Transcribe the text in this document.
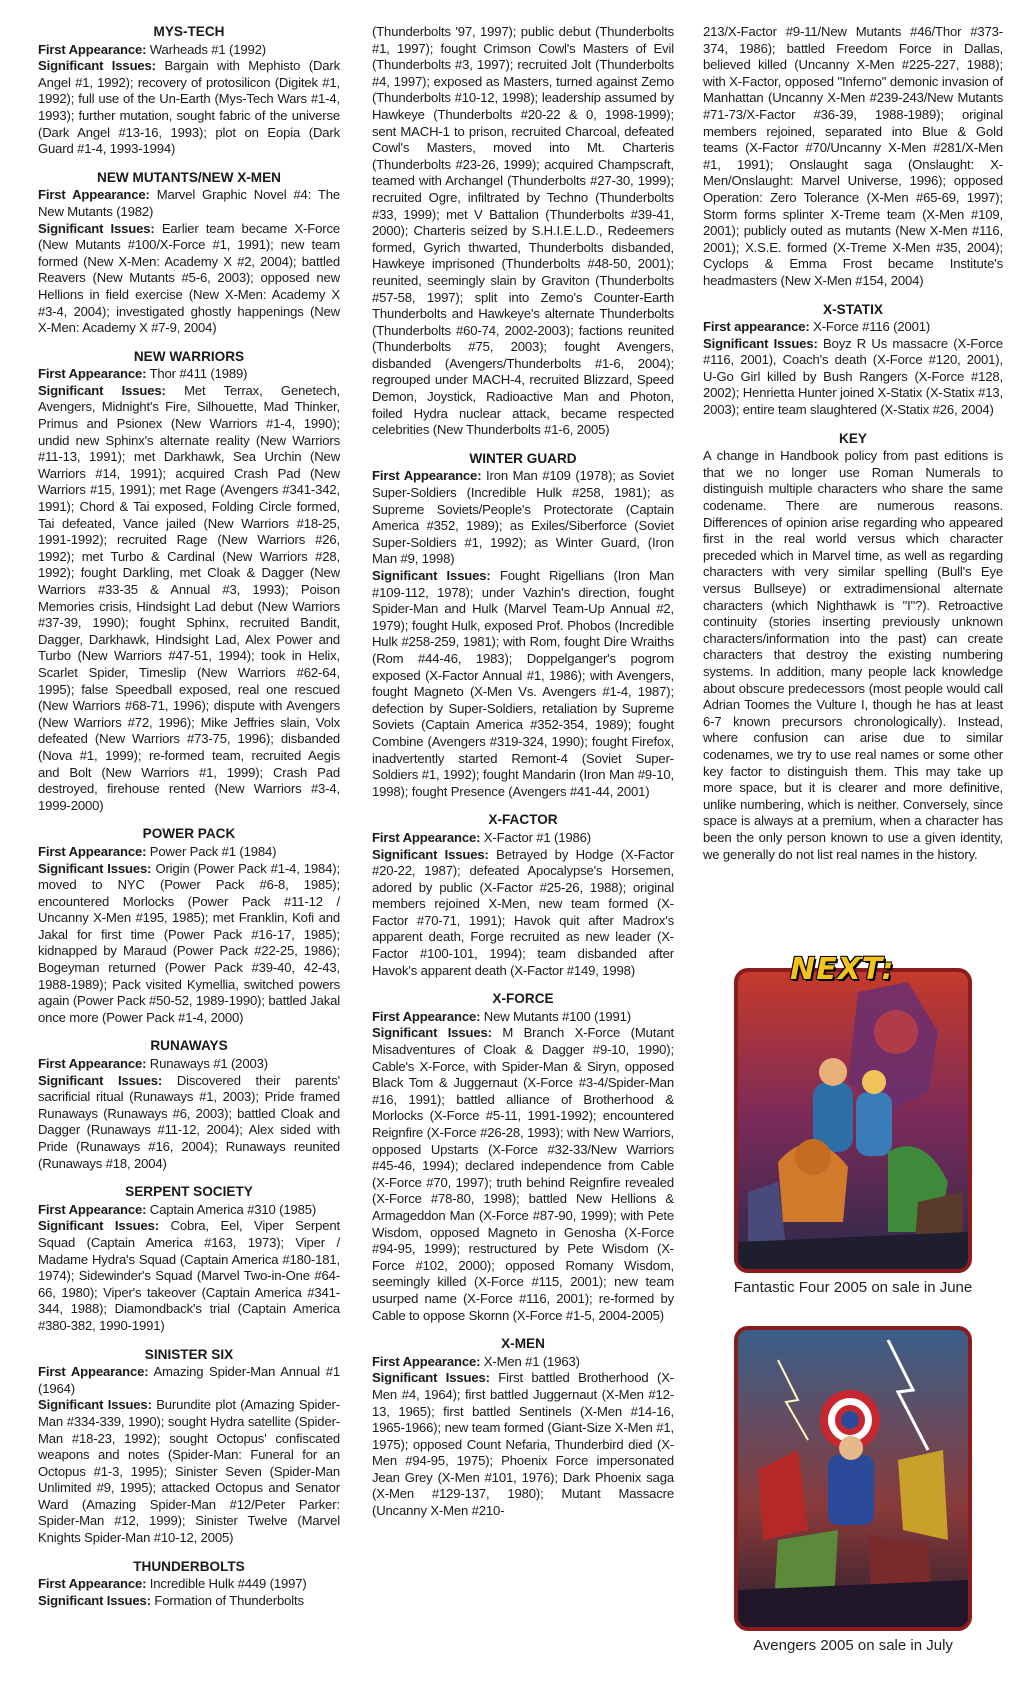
MYS-TECH

First Appearance: Warheads #1 (1992)

Significant Issues: Bargain with Mephisto (Dark Angel #1, 1992); recovery of protosilicon (Digitek #1, 1992); full use of the Un-Earth (Mys-Tech Wars #1-4, 1993); further mutation, sought fabric of the universe (Dark Angel #13-16, 1993); plot on Eopia (Dark Guard #1-4, 1993-1994)

NEW MUTANTS/NEW X-MEN

First Appearance: Marvel Graphic Novel #4: The New Mutants (1982)

Significant Issues: Earlier team became X-Force (New Mutants #100/X-Force #1, 1991); new team formed (New X-Men: Academy X #2, 2004); battled Reavers (New Mutants #5-6, 2003); opposed new Hellions in field exercise (New X-Men: Academy X #3-4, 2004); investigated ghostly happenings (New X-Men: Academy X #7-9, 2004)

NEW WARRIORS

First Appearance: Thor #411 (1989)

Significant Issues: Met Terrax, Genetech, Avengers, Midnight's Fire, Silhouette, Mad Thinker, Primus and Psionex (New Warriors #1-4, 1990); undid new Sphinx's alternate reality (New Warriors #11-13, 1991); met Darkhawk, Sea Urchin (New Warriors #14, 1991); acquired Crash Pad (New Warriors #15, 1991); met Rage (Avengers #341-342, 1991); Chord & Tai exposed, Folding Circle formed, Tai defeated, Vance jailed (New Warriors #18-25, 1991-1992); recruited Rage (New Warriors #26, 1992); met Turbo & Cardinal (New Warriors #28, 1992); fought Darkling, met Cloak & Dagger (New Warriors #33-35 & Annual #3, 1993); Poison Memories crisis, Hindsight Lad debut (New Warriors #37-39, 1990); fought Sphinx, recruited Bandit, Dagger, Darkhawk, Hindsight Lad, Alex Power and Turbo (New Warriors #47-51, 1994); took in Helix, Scarlet Spider, Timeslip (New Warriors #62-64, 1995); false Speedball exposed, real one rescued (New Warriors #68-71, 1996); dispute with Avengers (New Warriors #72, 1996); Mike Jeffries slain, Volx defeated (New Warriors #73-75, 1996); disbanded (Nova #1, 1999); re-formed team, recruited Aegis and Bolt (New Warriors #1, 1999); Crash Pad destroyed, firehouse rented (New Warriors #3-4, 1999-2000)

POWER PACK

First Appearance: Power Pack #1 (1984)

Significant Issues: Origin (Power Pack #1-4, 1984); moved to NYC (Power Pack #6-8, 1985); encountered Morlocks (Power Pack #11-12 / Uncanny X-Men #195, 1985); met Franklin, Kofi and Jakal for first time (Power Pack #16-17, 1985); kidnapped by Maraud (Power Pack #22-25, 1986); Bogeyman returned (Power Pack #39-40, 42-43, 1988-1989); Pack visited Kymellia, switched powers again (Power Pack #50-52, 1989-1990); battled Jakal once more (Power Pack #1-4, 2000)

RUNAWAYS

First Appearance: Runaways #1 (2003)

Significant Issues: Discovered their parents' sacrificial ritual (Runaways #1, 2003); Pride framed Runaways (Runaways #6, 2003); battled Cloak and Dagger (Runaways #11-12, 2004); Alex sided with Pride (Runaways #16, 2004); Runaways reunited (Runaways #18, 2004)

SERPENT SOCIETY

First Appearance: Captain America #310 (1985)

Significant Issues: Cobra, Eel, Viper Serpent Squad (Captain America #163, 1973); Viper / Madame Hydra's Squad (Captain America #180-181, 1974); Sidewinder's Squad (Marvel Two-in-One #64-66, 1980); Viper's takeover (Captain America #341-344, 1988); Diamondback's trial (Captain America #380-382, 1990-1991)

SINISTER SIX

First Appearance: Amazing Spider-Man Annual #1 (1964)

Significant Issues: Burundite plot (Amazing Spider-Man #334-339, 1990); sought Hydra satellite (Spider-Man #18-23, 1992); sought Octopus' confiscated weapons and notes (Spider-Man: Funeral for an Octopus #1-3, 1995); Sinister Seven (Spider-Man Unlimited #9, 1995); attacked Octopus and Senator Ward (Amazing Spider-Man #12/Peter Parker: Spider-Man #12, 1999); Sinister Twelve (Marvel Knights Spider-Man #10-12, 2005)

THUNDERBOLTS

First Appearance: Incredible Hulk #449 (1997)

Significant Issues: Formation of Thunderbolts

(Thunderbolts '97, 1997); public debut (Thunderbolts #1, 1997); fought Crimson Cowl's Masters of Evil (Thunderbolts #3, 1997); recruited Jolt (Thunderbolts #4, 1997); exposed as Masters, turned against Zemo (Thunderbolts #10-12, 1998); leadership assumed by Hawkeye (Thunderbolts #20-22 & 0, 1998-1999); sent MACH-1 to prison, recruited Charcoal, defeated Cowl's Masters, moved into Mt. Charteris (Thunderbolts #23-26, 1999); acquired Champscraft, teamed with Archangel (Thunderbolts #27-30, 1999); recruited Ogre, infiltrated by Techno (Thunderbolts #33, 1999); met V Battalion (Thunderbolts #39-41, 2000); Charteris seized by S.H.I.E.L.D., Redeemers formed, Gyrich thwarted, Thunderbolts disbanded, Hawkeye imprisoned (Thunderbolts #48-50, 2001); reunited, seemingly slain by Graviton (Thunderbolts #57-58, 1997); split into Zemo's Counter-Earth Thunderbolts and Hawkeye's alternate Thunderbolts (Thunderbolts #60-74, 2002-2003); factions reunited (Thunderbolts #75, 2003); fought Avengers, disbanded (Avengers/Thunderbolts #1-6, 2004); regrouped under MACH-4, recruited Blizzard, Speed Demon, Joystick, Radioactive Man and Photon, foiled Hydra nuclear attack, became respected celebrities (New Thunderbolts #1-6, 2005)

WINTER GUARD

First Appearance: Iron Man #109 (1978); as Soviet Super-Soldiers (Incredible Hulk #258, 1981); as Supreme Soviets/People's Protectorate (Captain America #352, 1989); as Exiles/Siberforce (Soviet Super-Soldiers #1, 1992); as Winter Guard, (Iron Man #9, 1998)

Significant Issues: Fought Rigellians (Iron Man #109-112, 1978); under Vazhin's direction, fought Spider-Man and Hulk (Marvel Team-Up Annual #2, 1979); fought Hulk, exposed Prof. Phobos (Incredible Hulk #258-259, 1981); with Rom, fought Dire Wraiths (Rom #44-46, 1983); Doppelganger's pogrom exposed (X-Factor Annual #1, 1986); with Avengers, fought Magneto (X-Men Vs. Avengers #1-4, 1987); defection by Super-Soldiers, retaliation by Supreme Soviets (Captain America #352-354, 1989); fought Combine (Avengers #319-324, 1990); fought Firefox, inadvertently started Remont-4 (Soviet Super-Soldiers #1, 1992); fought Mandarin (Iron Man #9-10, 1998); fought Presence (Avengers #41-44, 2001)

X-FACTOR

First Appearance: X-Factor #1 (1986)

Significant Issues: Betrayed by Hodge (X-Factor #20-22, 1987); defeated Apocalypse's Horsemen, adored by public (X-Factor #25-26, 1988); original members rejoined X-Men, new team formed (X-Factor #70-71, 1991); Havok quit after Madrox's apparent death, Forge recruited as new leader (X-Factor #100-101, 1994); team disbanded after Havok's apparent death (X-Factor #149, 1998)

X-FORCE

First Appearance: New Mutants #100 (1991)

Significant Issues: M Branch X-Force (Mutant Misadventures of Cloak & Dagger #9-10, 1990); Cable's X-Force, with Spider-Man & Siryn, opposed Black Tom & Juggernaut (X-Force #3-4/Spider-Man #16, 1991); battled alliance of Brotherhood & Morlocks (X-Force #5-11, 1991-1992); encountered Reignfire (X-Force #26-28, 1993); with New Warriors, opposed Upstarts (X-Force #32-33/New Warriors #45-46, 1994); declared independence from Cable (X-Force #70, 1997); truth behind Reignfire revealed (X-Force #78-80, 1998); battled New Hellions & Armageddon Man (X-Force #87-90, 1999); with Pete Wisdom, opposed Magneto in Genosha (X-Force #94-95, 1999); restructured by Pete Wisdom (X-Force #102, 2000); opposed Romany Wisdom, seemingly killed (X-Force #115, 2001); new team usurped name (X-Force #116, 2001); re-formed by Cable to oppose Skornn (X-Force #1-5, 2004-2005)

X-MEN

First Appearance: X-Men #1 (1963)

Significant Issues: First battled Brotherhood (X-Men #4, 1964); first battled Juggernaut (X-Men #12-13, 1965); first battled Sentinels (X-Men #14-16, 1965-1966); new team formed (Giant-Size X-Men #1, 1975); opposed Count Nefaria, Thunderbird died (X-Men #94-95, 1975); Phoenix Force impersonated Jean Grey (X-Men #101, 1976); Dark Phoenix saga (X-Men #129-137, 1980); Mutant Massacre (Uncanny X-Men #210-

213/X-Factor #9-11/New Mutants #46/Thor #373-374, 1986); battled Freedom Force in Dallas, believed killed (Uncanny X-Men #225-227, 1988); with X-Factor, opposed "Inferno" demonic invasion of Manhattan (Uncanny X-Men #239-243/New Mutants #71-73/X-Factor #36-39, 1988-1989); original members rejoined, separated into Blue & Gold teams (X-Factor #70/Uncanny X-Men #281/X-Men #1, 1991); Onslaught saga (Onslaught: X-Men/Onslaught: Marvel Universe, 1996); opposed Operation: Zero Tolerance (X-Men #65-69, 1997); Storm forms splinter X-Treme team (X-Men #109, 2001); publicly outed as mutants (New X-Men #116, 2001); X.S.E. formed (X-Treme X-Men #35, 2004); Cyclops & Emma Frost became Institute's headmasters (New X-Men #154, 2004)

X-STATIX

First appearance: X-Force #116 (2001)

Significant Issues: Boyz R Us massacre (X-Force #116, 2001), Coach's death (X-Force #120, 2001), U-Go Girl killed by Bush Rangers (X-Force #128, 2002); Henrietta Hunter joined X-Statix (X-Statix #13, 2003); entire team slaughtered (X-Statix #26, 2004)

KEY

A change in Handbook policy from past editions is that we no longer use Roman Numerals to distinguish multiple characters who share the same codename. There are numerous reasons. Differences of opinion arise regarding who appeared first in the real world versus which character preceded which in Marvel time, as well as regarding characters with very similar spelling (Bull's Eye versus Bullseye) or extradimensional alternate characters (which Nighthawk is "I"?). Retroactive continuity (stories inserting previously unknown characters/information into the past) can create characters that destroy the existing numbering systems. In addition, many people lack knowledge about obscure predecessors (most people would call Adrian Toomes the Vulture I, though he has at least 6-7 known precursors chronologically). Instead, where confusion can arise due to similar codenames, we try to use real names or some other key factor to distinguish them. This may take up more space, but it is clearer and more definitive, unlike numbering, which is neither. Conversely, since space is always at a premium, when a character has been the only person known to use a given identity, we generally do not list real names in the history.

NEXT:
Fantastic Four 2005 on sale in June
Avengers 2005 on sale in July
